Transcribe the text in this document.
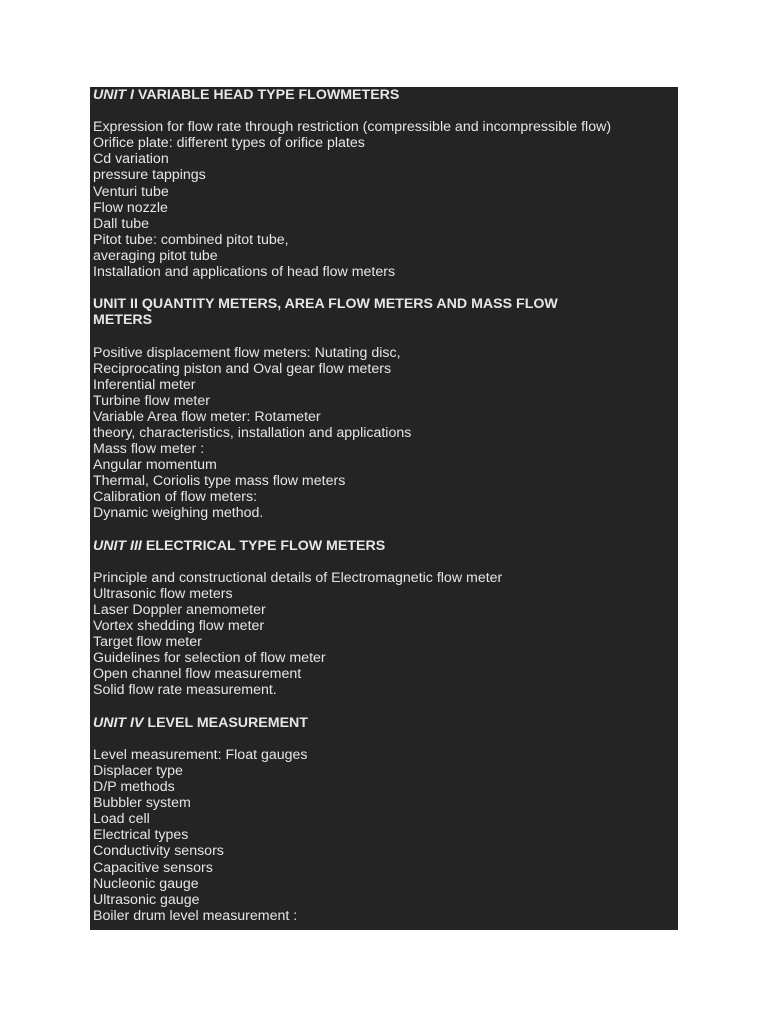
UNIT I VARIABLE HEAD TYPE FLOWMETERS

Expression for flow rate through restriction (compressible and incompressible flow)

Orifice plate: different types of orifice plates

Cd variation

pressure tappings

Venturi tube

Flow nozzle

Dall tube

Pitot tube: combined pitot tube,

averaging pitot tube

Installation and applications of head flow meters

UNIT II QUANTITY METERS, AREA FLOW METERS AND MASS FLOW METERS

Positive displacement flow meters: Nutating disc,

Reciprocating piston and Oval gear flow meters

Inferential meter

Turbine flow meter

Variable Area flow meter: Rotameter

theory, characteristics, installation and applications

Mass flow meter :

Angular momentum

Thermal, Coriolis type mass flow meters

Calibration of flow meters:

Dynamic weighing method.

UNIT III ELECTRICAL TYPE FLOW METERS

Principle and constructional details of Electromagnetic flow meter

Ultrasonic flow meters

Laser Doppler anemometer

Vortex shedding flow meter

Target flow meter

Guidelines for selection of flow meter

Open channel flow measurement

Solid flow rate measurement.

UNIT IV LEVEL MEASUREMENT

Level measurement: Float gauges

Displacer type

D/P methods

Bubbler system

Load cell

Electrical types

Conductivity sensors

Capacitive sensors

Nucleonic gauge

Ultrasonic gauge

Boiler drum level measurement :
